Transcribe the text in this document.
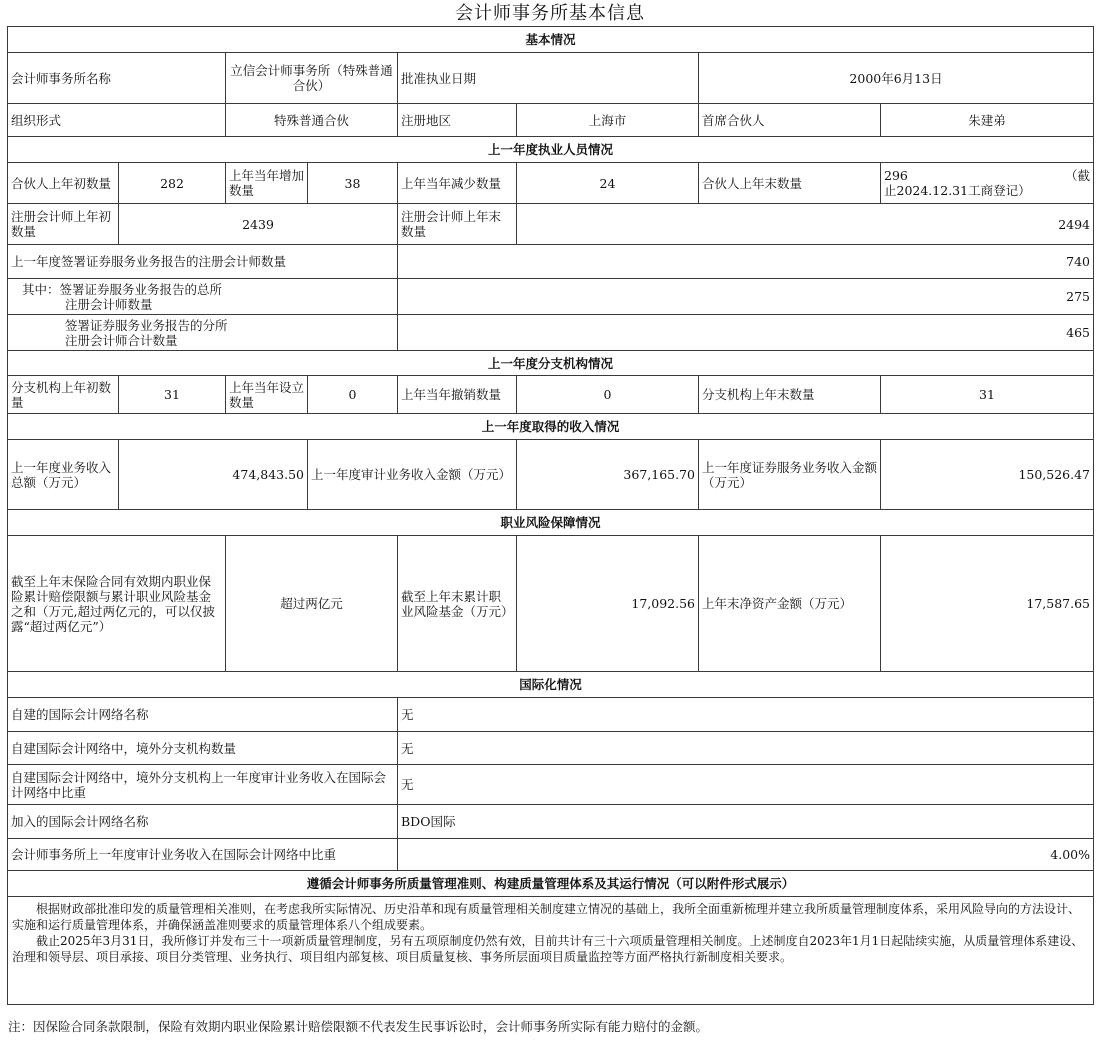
会计师事务所基本信息
基本情况							
会计师事务所名称		立信会计师事务所（特殊普通合伙）		批准执业日期		2000年6月13日	
组织形式		特殊普通合伙		注册地区	上海市	首席合伙人	朱建弟
上一年度执业人员情况							
合伙人上年初数量	282	上年当年增加数量	38	上年当年减少数量	24	合伙人上年末数量	296 （截
止2024.12.31工商登记）

注册会计师上年初数量	2439			注册会计师上年末数量	2494		
上一年度签署证券服务业务报告的注册会计师数量				740			

其中：签署证券服务业务报告的总所
注册会计师数量				275			

签署证券服务业务报告的分所
注册会计师合计数量				465			
上一年度分支机构情况							
分支机构上年初数量	31	上年当年设立数量	0	上年当年撤销数量	0	分支机构上年末数量	31
上一年度取得的收入情况							
上一年度业务收入总额（万元）	474,843.50		上一年度审计业务收入金额（万元）		367,165.70	上一年度证券服务业务收入金额（万元）	150,526.47
职业风险保障情况							
截至上年末保险合同有效期内职业保险累计赔偿限额与累计职业风险基金之和（万元,超过两亿元的，可以仅披露“超过两亿元”）		超过两亿元		截至上年末累计职业风险基金（万元）	17,092.56	上年末净资产金额（万元）	17,587.65
国际化情况							
自建的国际会计网络名称				无			
自建国际会计网络中，境外分支机构数量				无			
自建国际会计网络中，境外分支机构上一年度审计业务收入在国际会计网络中比重				无			
加入的国际会计网络名称				BDO国际			
会计师事务所上一年度审计业务收入在国际会计网络中比重				4.00%			
遵循会计师事务所质量管理准则、构建质量管理体系及其运行情况（可以附件形式展示）							

根据财政部批准印发的质量管理相关准则，在考虑我所实际情况、历史沿革和现有质量管理相关制度建立情况的基础上，我所全面重新梳理并建立我所质量管理制度体系，采用风险导向的方法设计、实施和运行质量管理体系，并确保涵盖准则要求的质量管理体系八个组成要素。

截止2025年3月31日，我所修订并发布三十一项新质量管理制度，另有五项原制度仍然有效，目前共计有三十六项质量管理相关制度。上述制度自2023年1月1日起陆续实施，从质量管理体系建设、治理和领导层、项目承接、项目分类管理、业务执行、项目组内部复核、项目质量复核、事务所层面项目质量监控等方面严格执行新制度相关要求。							

注：因保险合同条款限制，保险有效期内职业保险累计赔偿限额不代表发生民事诉讼时，会计师事务所实际有能力赔付的金额。
